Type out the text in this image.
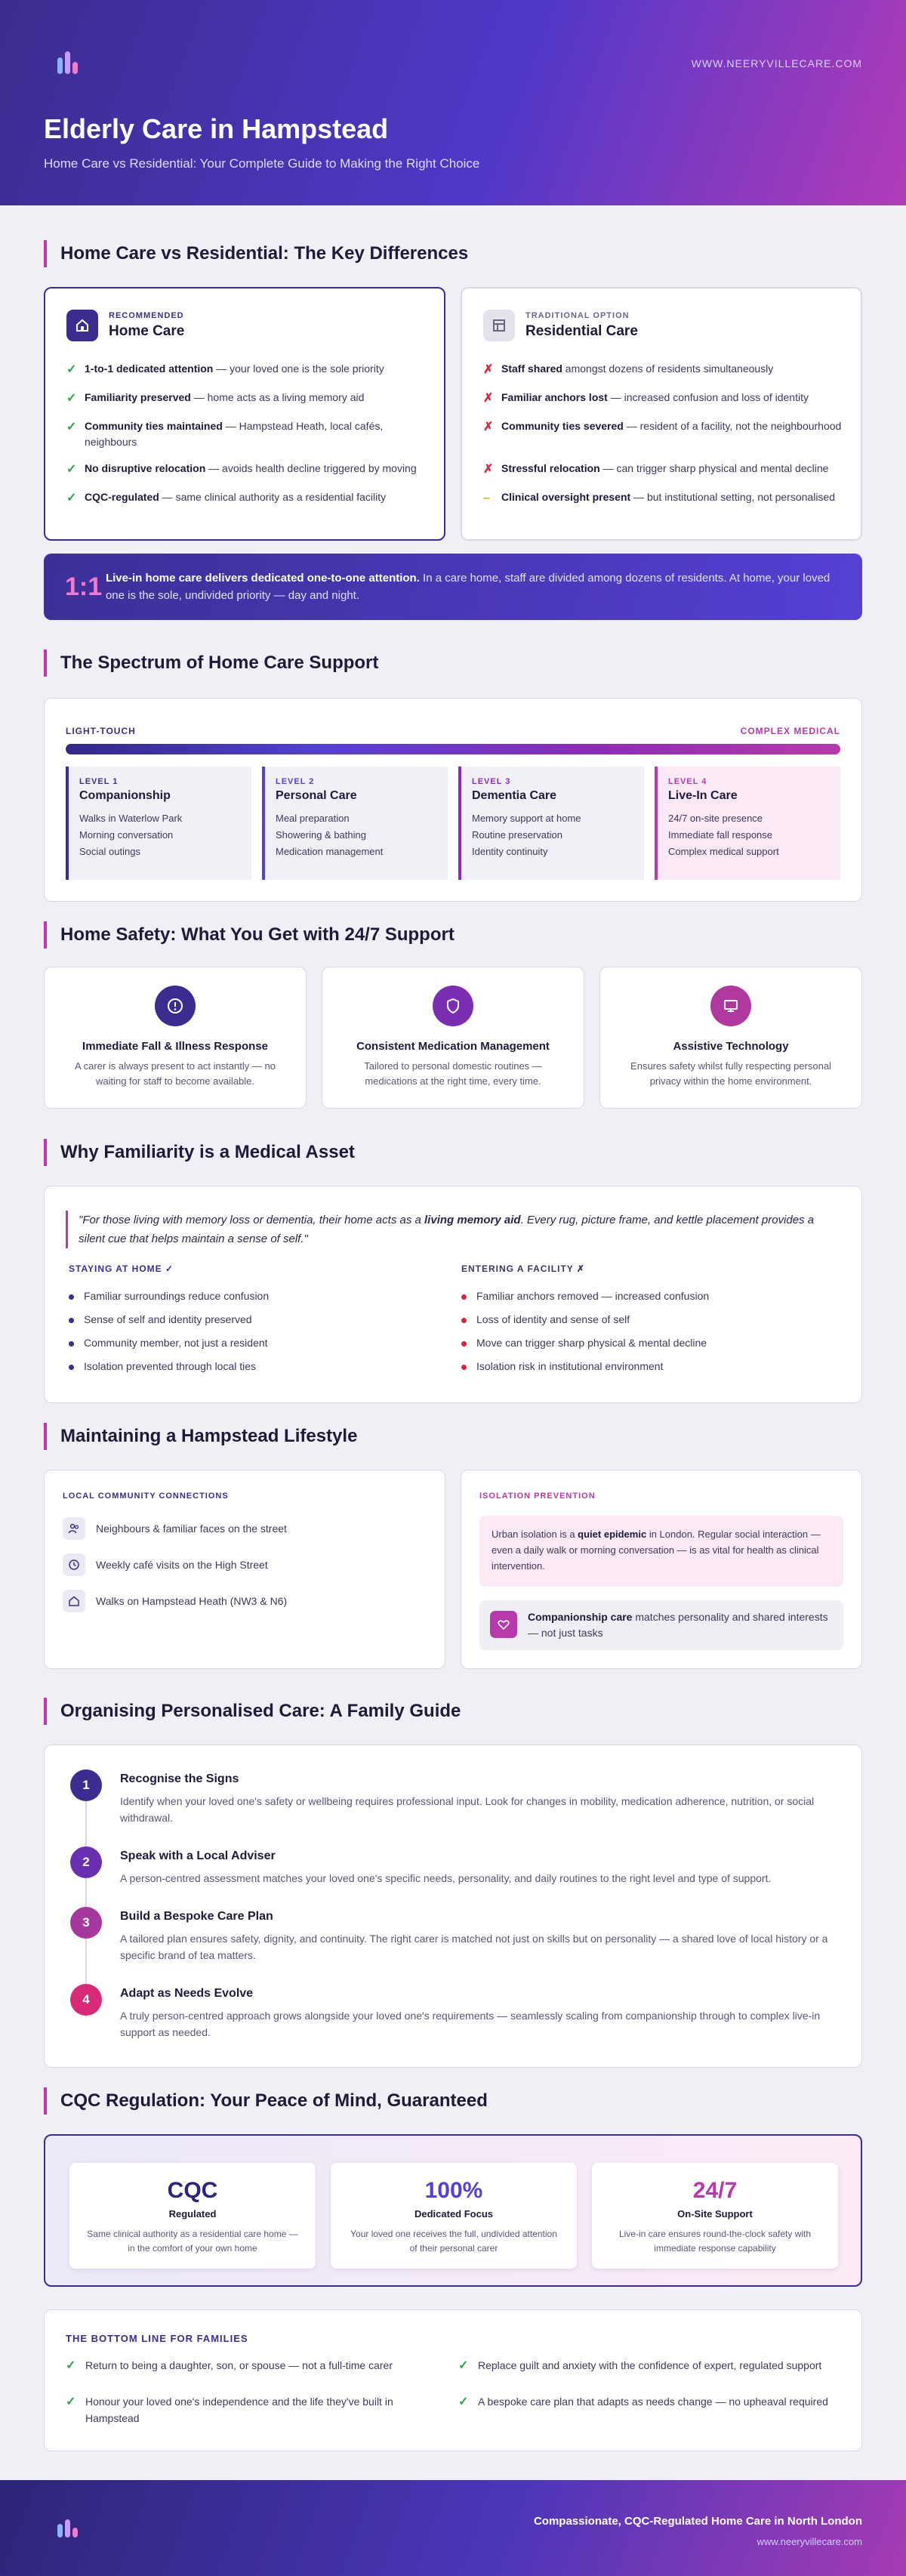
WWW.NEERYVILLECARE.COM
Elderly Care in Hampstead
Home Care vs Residential: Your Complete Guide to Making the Right Choice
Home Care vs Residential: The Key Differences
RECOMMENDED
Home Care
✓ 1-to-1 dedicated attention — your loved one is the sole priority
✓ Familiarity preserved — home acts as a living memory aid
✓ Community ties maintained — Hampstead Heath, local cafés, neighbours
✓ No disruptive relocation — avoids health decline triggered by moving
✓ CQC-regulated — same clinical authority as a residential facility
TRADITIONAL OPTION
Residential Care
✗ Staff shared amongst dozens of residents simultaneously
✗ Familiar anchors lost — increased confusion and loss of identity
✗ Community ties severed — resident of a facility, not the neighbourhood
✗ Stressful relocation — can trigger sharp physical and mental decline
– Clinical oversight present — but institutional setting, not personalised
1:1 Live-in home care delivers dedicated one-to-one attention. In a care home, staff are divided among dozens of residents. At home, your loved one is the sole, undivided priority — day and night.
The Spectrum of Home Care Support
LIGHT-TOUCH	COMPLEX MEDICAL
LEVEL 1
Companionship
Walks in Waterlow Park
Morning conversation
Social outings
LEVEL 2
Personal Care
Meal preparation
Showering & bathing
Medication management
LEVEL 3
Dementia Care
Memory support at home
Routine preservation
Identity continuity
LEVEL 4
Live-In Care
24/7 on-site presence
Immediate fall response
Complex medical support
Home Safety: What You Get with 24/7 Support
Immediate Fall & Illness Response
A carer is always present to act instantly — no waiting for staff to become available.
Consistent Medication Management
Tailored to personal domestic routines — medications at the right time, every time.
Assistive Technology
Ensures safety whilst fully respecting personal privacy within the home environment.
Why Familiarity is a Medical Asset
"For those living with memory loss or dementia, their home acts as a living memory aid. Every rug, picture frame, and kettle placement provides a silent cue that helps maintain a sense of self."
STAYING AT HOME ✓
Familiar surroundings reduce confusion
Sense of self and identity preserved
Community member, not just a resident
Isolation prevented through local ties
ENTERING A FACILITY ✗
Familiar anchors removed — increased confusion
Loss of identity and sense of self
Move can trigger sharp physical & mental decline
Isolation risk in institutional environment
Maintaining a Hampstead Lifestyle
LOCAL COMMUNITY CONNECTIONS
Neighbours & familiar faces on the street
Weekly café visits on the High Street
Walks on Hampstead Heath (NW3 & N6)
ISOLATION PREVENTION
Urban isolation is a quiet epidemic in London. Regular social interaction — even a daily walk or morning conversation — is as vital for health as clinical intervention.
Companionship care matches personality and shared interests — not just tasks
Organising Personalised Care: A Family Guide
1	Recognise the Signs
Identify when your loved one's safety or wellbeing requires professional input. Look for changes in mobility, medication adherence, nutrition, or social withdrawal.
2	Speak with a Local Adviser
A person-centred assessment matches your loved one's specific needs, personality, and daily routines to the right level and type of support.
3	Build a Bespoke Care Plan
A tailored plan ensures safety, dignity, and continuity. The right carer is matched not just on skills but on personality — a shared love of local history or a specific brand of tea matters.
4	Adapt as Needs Evolve
A truly person-centred approach grows alongside your loved one's requirements — seamlessly scaling from companionship through to complex live-in support as needed.
CQC Regulation: Your Peace of Mind, Guaranteed
CQC
Regulated
Same clinical authority as a residential care home — in the comfort of your own home
100%
Dedicated Focus
Your loved one receives the full, undivided attention of their personal carer
24/7
On-Site Support
Live-in care ensures round-the-clock safety with immediate response capability
THE BOTTOM LINE FOR FAMILIES
✓ Return to being a daughter, son, or spouse — not a full-time carer	✓ Replace guilt and anxiety with the confidence of expert, regulated support
✓ Honour your loved one's independence and the life they've built in Hampstead
✓ A bespoke care plan that adapts as needs change — no upheaval required
Compassionate, CQC-Regulated Home Care in North London
www.neeryvillecare.com
